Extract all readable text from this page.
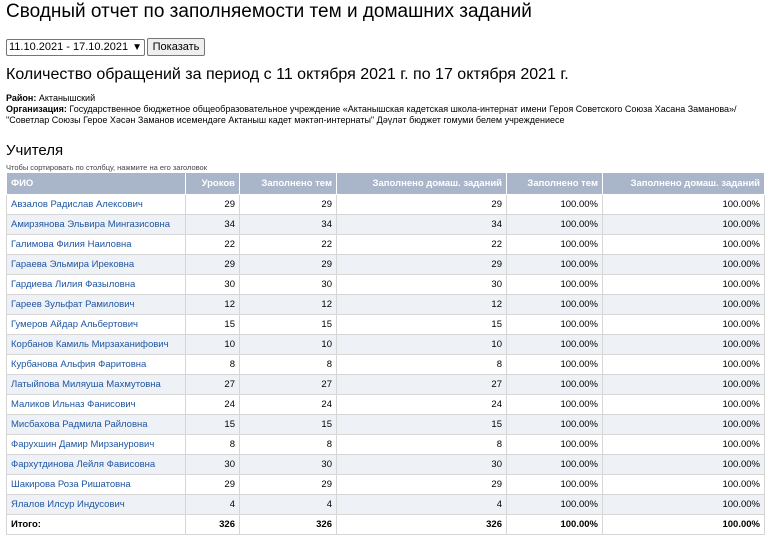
Сводный отчет по заполняемости тем и домашних заданий
11.10.2021 - 17.10.2021 ▼ Показать
Количество обращений за период с 11 октября 2021 г. по 17 октября 2021 г.
Район: Актанышский
Организация: Государственное бюджетное общеобразовательное учреждение «Актанышская кадетская школа-интернат имени Героя Советского Союза Хасана Заманова»/ "Советлар Союзы Герое Хәсән Заманов исемендәге Актаныш кадет мәктәп-интернаты" Дәүләт бюджет гомуми белем учреждениесе
Учителя
Чтобы сортировать по столбцу, нажмите на его заголовок
ФИО	Уроков	Заполнено тем	Заполнено домаш. заданий	Заполнено тем	Заполнено домаш. заданий
Авзалов Радислав Алексович	29	29	29	100.00%	100.00%
Амирзянова Эльвира Мингазисовна	34	34	34	100.00%	100.00%
Галимова Филия Наиловна	22	22	22	100.00%	100.00%
Гараева Эльмира Ирековна	29	29	29	100.00%	100.00%
Гардиева Лилия Фазыловна	30	30	30	100.00%	100.00%
Гареев Зульфат Рамилович	12	12	12	100.00%	100.00%
Гумеров Айдар Альбертович	15	15	15	100.00%	100.00%
Корбанов Камиль Мирзаханифович	10	10	10	100.00%	100.00%
Курбанова Альфия Фаритовна	8	8	8	100.00%	100.00%
Латыйпова Миляуша Махмутовна	27	27	27	100.00%	100.00%
Маликов Ильназ Фанисович	24	24	24	100.00%	100.00%
Мисбахова Радмила Райловна	15	15	15	100.00%	100.00%
Фарухшин Дамир Мирзанурович	8	8	8	100.00%	100.00%
Фархутдинова Лейля Фависовна	30	30	30	100.00%	100.00%
Шакирова Роза Ришатовна	29	29	29	100.00%	100.00%
Ялалов Илсур Индусович	4	4	4	100.00%	100.00%
Итого:	326	326	326	100.00%	100.00%
